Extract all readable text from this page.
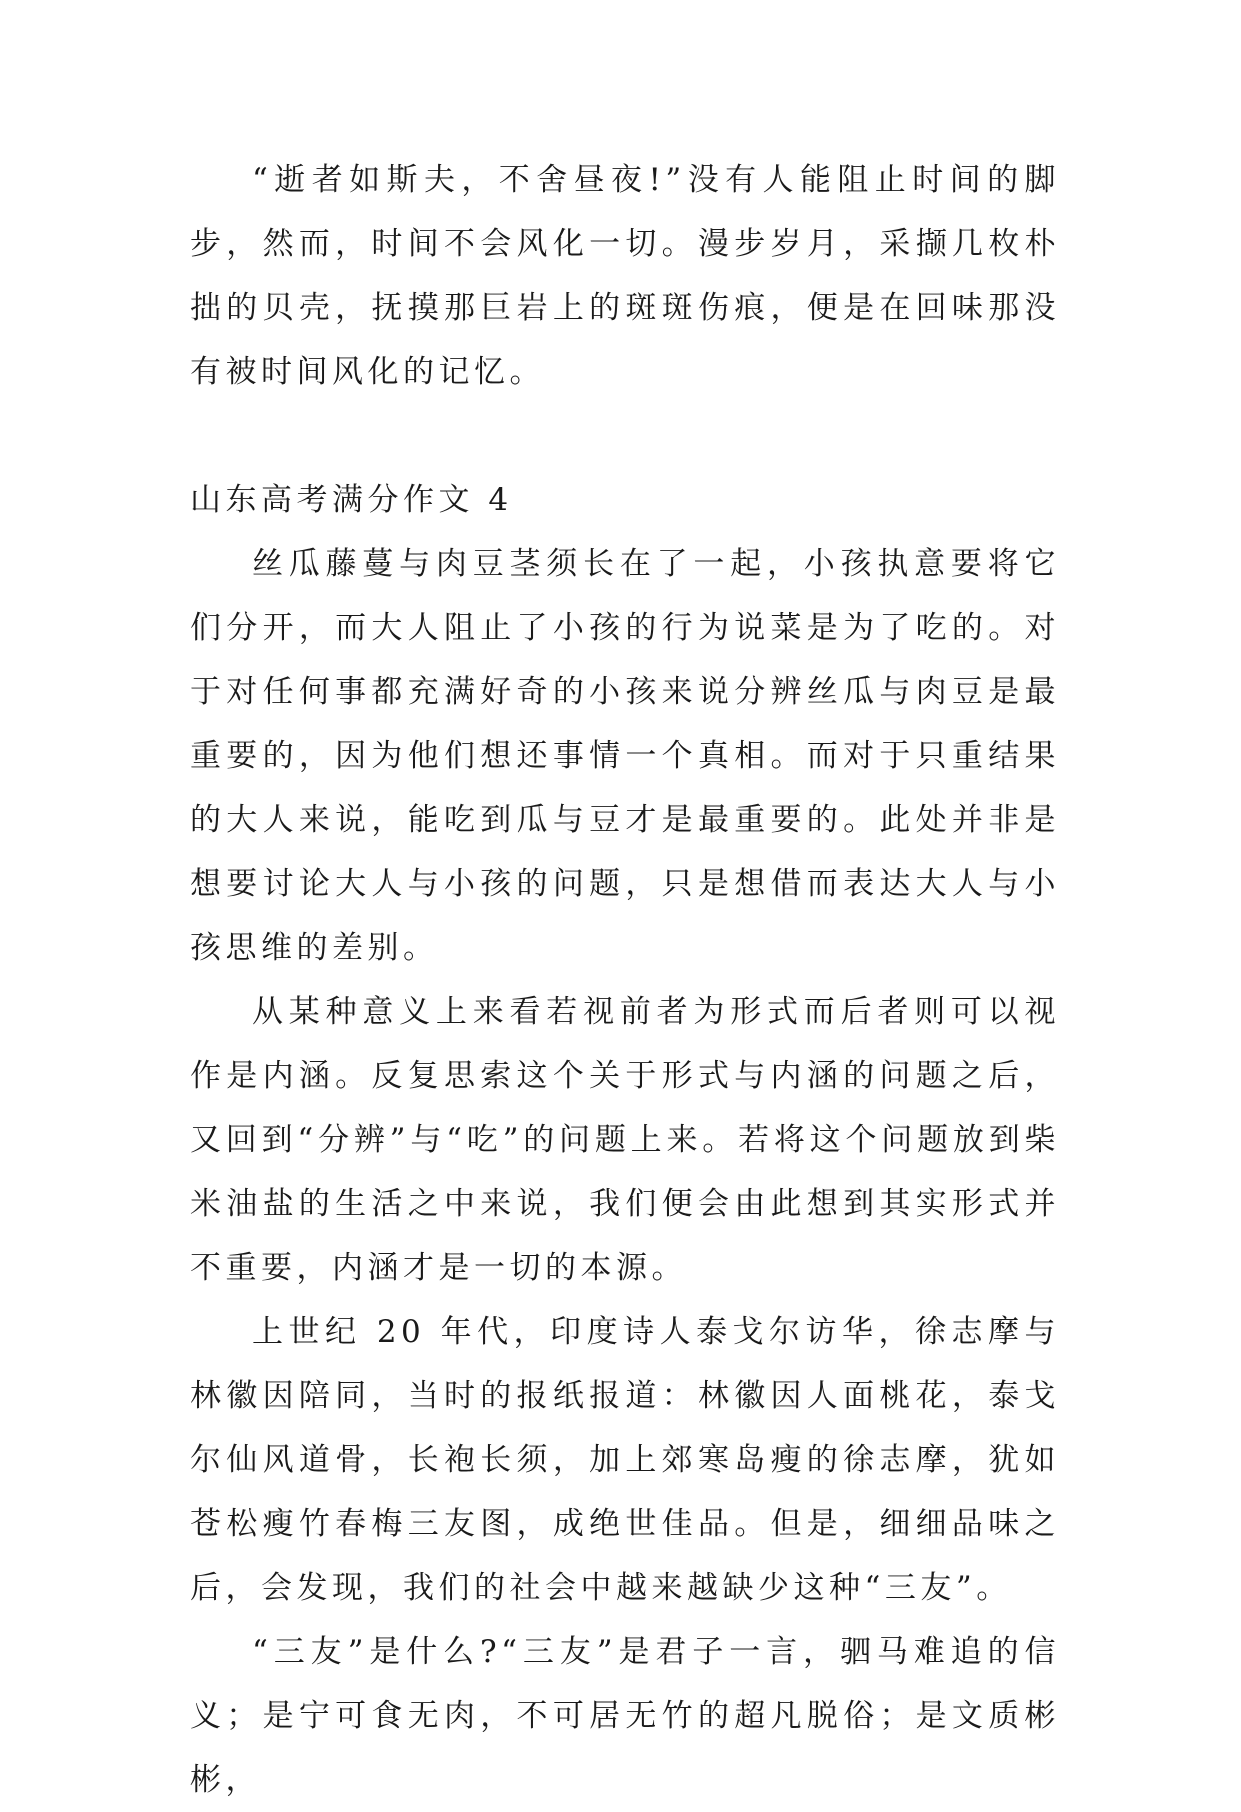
“逝者如斯夫，不舍昼夜!”没有人能阻止时间的脚步，然而，时间不会风化一切。漫步岁月，采撷几枚朴拙的贝壳，抚摸那巨岩上的斑斑伤痕，便是在回味那没有被时间风化的记忆。

山东高考满分作文 4

丝瓜藤蔓与肉豆茎须长在了一起，小孩执意要将它们分开，而大人阻止了小孩的行为说菜是为了吃的。对于对任何事都充满好奇的小孩来说分辨丝瓜与肉豆是最重要的，因为他们想还事情一个真相。而对于只重结果的大人来说，能吃到瓜与豆才是最重要的。此处并非是想要讨论大人与小孩的问题，只是想借而表达大人与小孩思维的差别。

从某种意义上来看若视前者为形式而后者则可以视作是内涵。反复思索这个关于形式与内涵的问题之后，又回到“分辨”与“吃”的问题上来。若将这个问题放到柴米油盐的生活之中来说，我们便会由此想到其实形式并不重要，内涵才是一切的本源。

上世纪 20 年代，印度诗人泰戈尔访华，徐志摩与林徽因陪同，当时的报纸报道：林徽因人面桃花，泰戈尔仙风道骨，长袍长须，加上郊寒岛瘦的徐志摩，犹如苍松瘦竹春梅三友图，成绝世佳品。但是，细细品味之后，会发现，我们的社会中越来越缺少这种“三友”。

“三友”是什么?“三友”是君子一言，驷马难追的信义；是宁可食无肉，不可居无竹的超凡脱俗；是文质彬彬，
